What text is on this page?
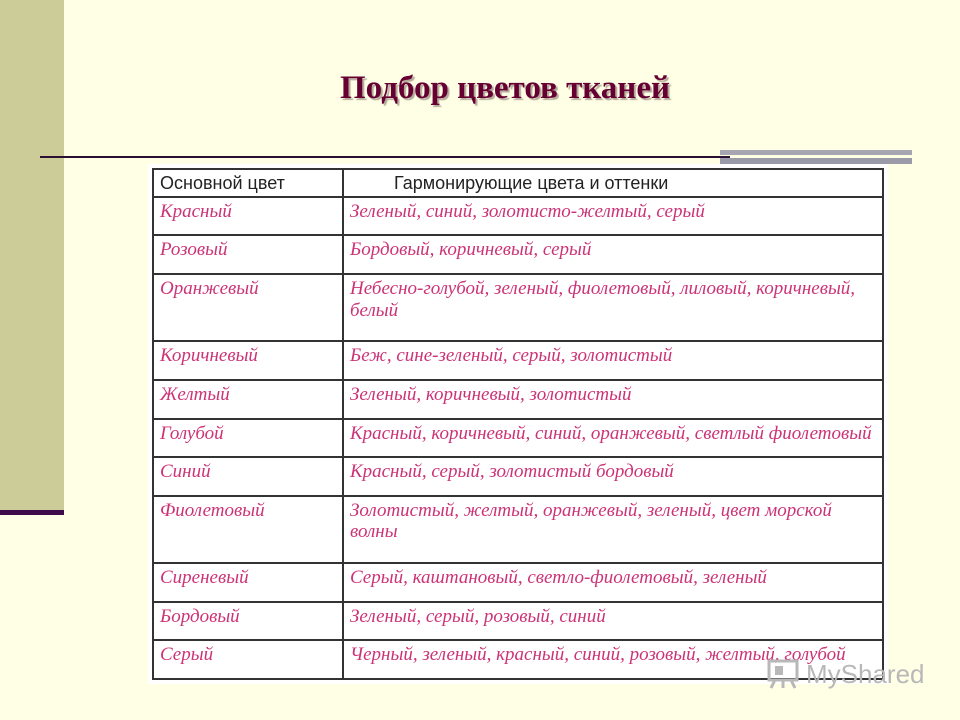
Подбор цветов тканей
Основной цвет	Гармонирующие цвета и оттенки
Красный	Зеленый, синий, золотисто-желтый, серый
Розовый	Бордовый, коричневый, серый
Оранжевый	Небесно-голубой, зеленый, фиолетовый, лиловый, коричневый, белый
Коричневый	Беж, сине-зеленый, серый, золотистый
Желтый	Зеленый, коричневый, золотистый
Голубой	Красный, коричневый, синий, оранжевый, светлый фиолетовый
Синий	Красный, серый, золотистый бордовый
Фиолетовый	Золотистый, желтый, оранжевый, зеленый, цвет морской волны
Сиреневый	Серый, каштановый, светло-фиолетовый, зеленый
Бордовый	Зеленый, серый, розовый, синий
Серый	Черный, зеленый, красный, синий, розовый, желтый, голубой
MyShared
